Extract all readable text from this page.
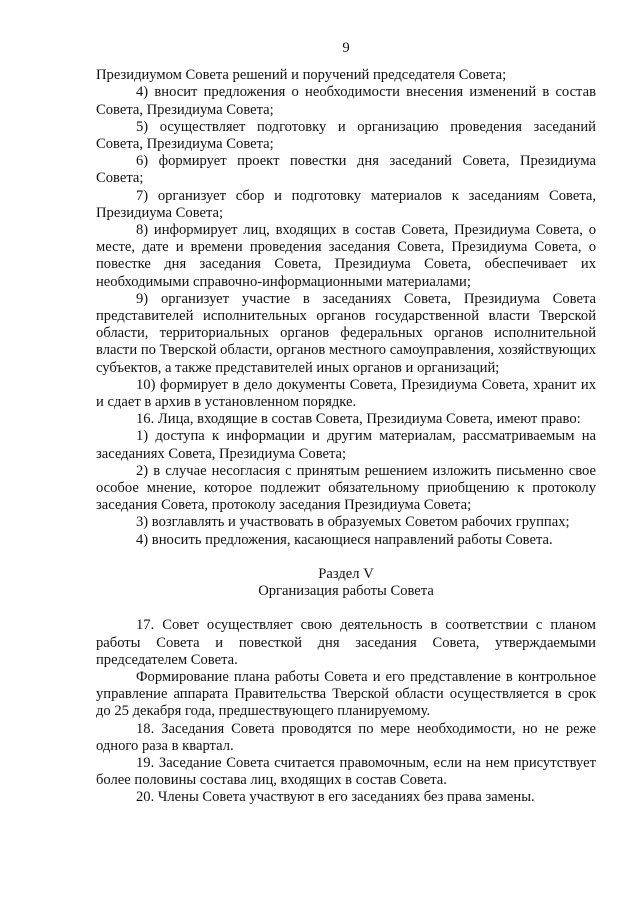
9

Президиумом Совета решений и поручений председателя Совета;

4) вносит предложения о необходимости внесения изменений в состав Совета, Президиума Совета;

5) осуществляет подготовку и организацию проведения заседаний Совета, Президиума Совета;

6) формирует проект повестки дня заседаний Совета, Президиума Совета;

7) организует сбор и подготовку материалов к заседаниям Совета, Президиума Совета;

8) информирует лиц, входящих в состав Совета, Президиума Совета, о месте, дате и времени проведения заседания Совета, Президиума Совета, о повестке дня заседания Совета, Президиума Совета, обеспечивает их необходимыми справочно-информационными материалами;

9) организует участие в заседаниях Совета, Президиума Совета представителей исполнительных органов государственной власти Тверской области, территориальных органов федеральных органов исполнительной власти по Тверской области, органов местного самоуправления, хозяйствующих субъектов, а также представителей иных органов и организаций;

10) формирует в дело документы Совета, Президиума Совета, хранит их и сдает в архив в установленном порядке.

16. Лица, входящие в состав Совета, Президиума Совета, имеют право:

1) доступа к информации и другим материалам, рассматриваемым на заседаниях Совета, Президиума Совета;

2) в случае несогласия с принятым решением изложить письменно свое особое мнение, которое подлежит обязательному приобщению к протоколу заседания Совета, протоколу заседания Президиума Совета;

3) возглавлять и участвовать в образуемых Советом рабочих группах;

4) вносить предложения, касающиеся направлений работы Совета.

Раздел V

Организация работы Совета

17. Совет осуществляет свою деятельность в соответствии с планом работы Совета и повесткой дня заседания Совета, утверждаемыми председателем Совета.

Формирование плана работы Совета и его представление в контрольное управление аппарата Правительства Тверской области осуществляется в срок до 25 декабря года, предшествующего планируемому.

18. Заседания Совета проводятся по мере необходимости, но не реже одного раза в квартал.

19. Заседание Совета считается правомочным, если на нем присутствует более половины состава лиц, входящих в состав Совета.

20. Члены Совета участвуют в его заседаниях без права замены.
